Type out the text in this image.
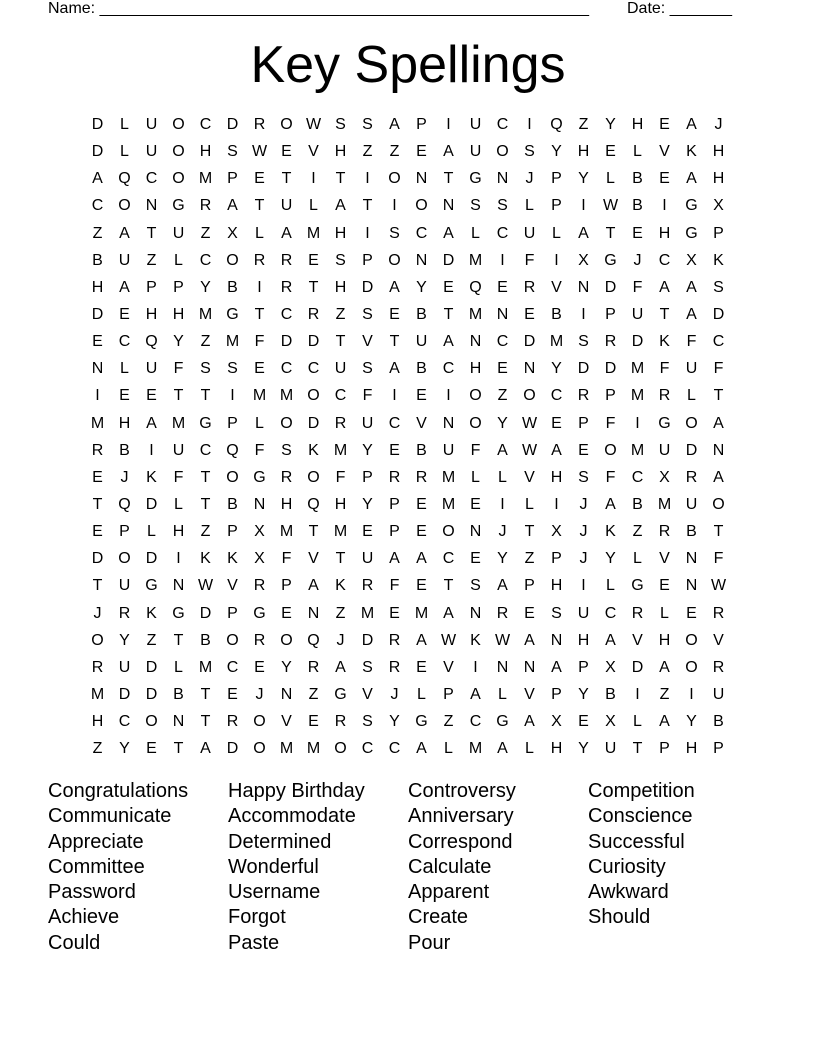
Name: _______________________________________________________ Date: _______
Key Spellings
D	L	U O C D R O W S	S	A	P	I	U C	I	Q Z	Y H E	A	J
D	L	U O H S W E	V H	Z	Z	E	A U O S	Y H E	L	V	K H
A Q C O M P	E	T	I	T	I	O N	T G N	J	P	Y	L	B	E	A H
C O N G R A	T	U	L	A	T	I	O N S	S	L	P	I	W B	I	G X
Z	A	T	U	Z	X	L	A M H	I	S C A	L	C U	L	A	T	E H G P
B U	Z	L	C O R R E	S	P O N D M	I	F	I	X G	J	C X	K
H A	P	P	Y	B	I	R	T	H D A	Y	E Q E R V N D	F	A	A	S
D E H H M G T	C R	Z	S	E	B	T M N E	B	I	P U	T	A D
E C Q Y	Z M F	D D	T	V	T	U A N C D M S R D K	F	C
N	L	U	F	S	S	E C C U S	A	B C H E N Y D D M F	U	F
I	E	E	T	T	I	M M O C	F	I	E	I	O Z O C R P M R	L	T
M H A M G P	L	O D R U C V N O Y W E	P	F	I	G O A
R B	I	U C Q F	S	K M Y	E	B U	F	A W A	E O M U D N
E	J	K	F	T O G R O F	P R R M L	L	V H S	F	C X R A
T Q D	L	T	B N H Q H Y	P	E M E	I	L	I	J	A	B M U O
E	P	L	H	Z	P	X M T M E	P	E O N	J	T	X	J	K	Z	R B	T
D O D	I	K	K	X	F	V	T	U A	A C E	Y	Z	P	J	Y	L	V N	F
T	U G N W V R P	A	K R	F	E	T	S	A	P H	I	L	G E N W
J	R K G D P G E N	Z M E M A N R E	S U C R	L	E R
O Y	Z	T	B O R O Q	J	D R A W K W A N H A	V H O V
R U D	L M C E	Y R A	S R E	V	I	N N A	P	X D A O R
M D D B	T	E	J	N	Z G V	J	L	P	A	L	V	P	Y	B	I	Z	I	U
H C O N	T	R O V	E R S	Y G Z	C G A	X	E	X	L	A	Y	B
Z	Y	E	T	A D O M M O C C A	L M A	L	H Y U	T	P H P
Congratulations	Happy Birthday	Controversy	Competition
Communicate	Accommodate	Anniversary	Conscience
Appreciate	Determined	Correspond	Successful
Committee	Wonderful	Calculate	Curiosity
Password	Username	Apparent	Awkward
Achieve	Forgot	Create	Should
Could	Paste	Pour
